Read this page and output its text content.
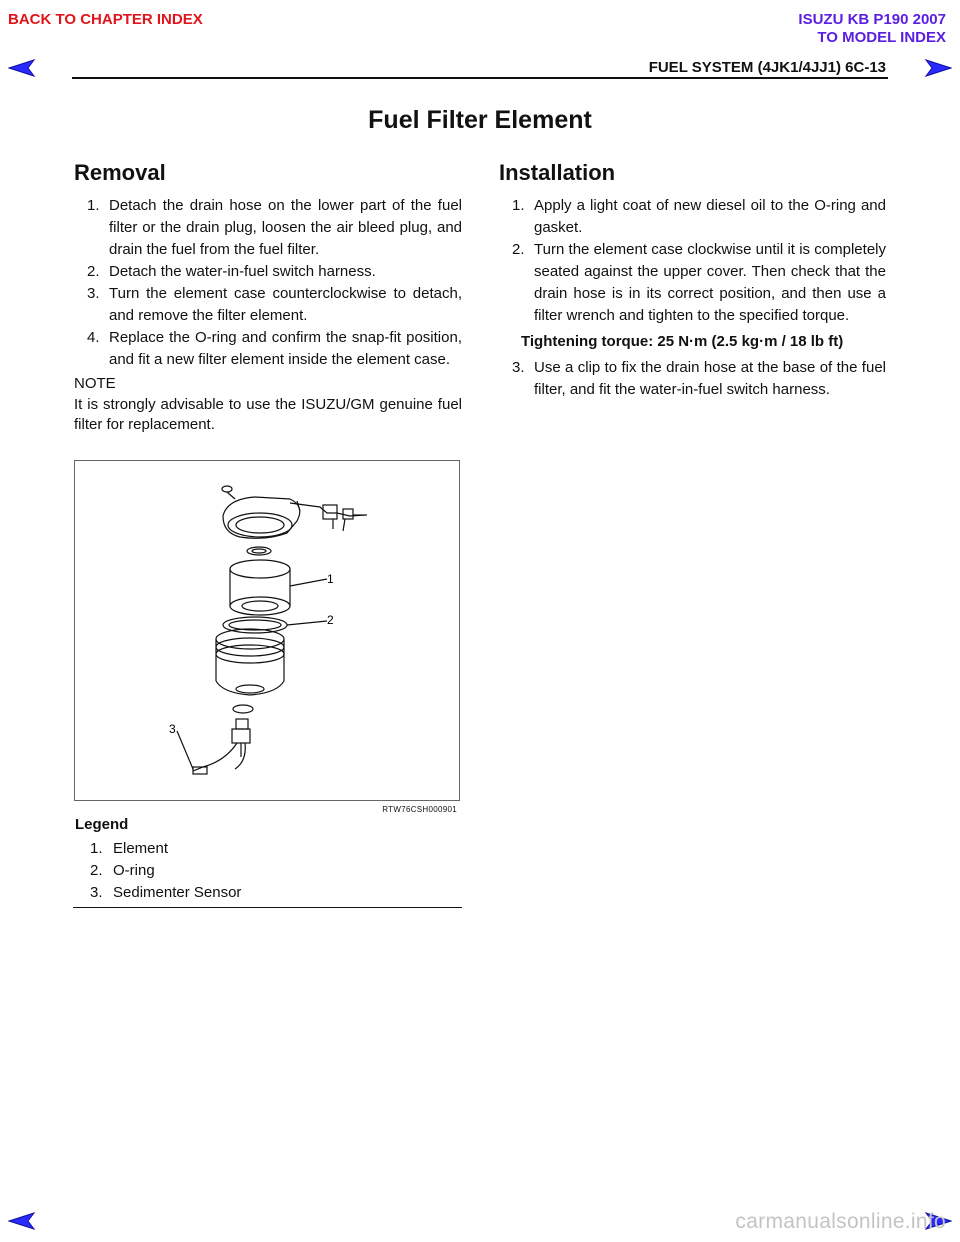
BACK TO CHAPTER INDEX	ISUZU KB P190 2007
TO MODEL INDEX
FUEL SYSTEM (4JK1/4JJ1) 6C-13
Fuel Filter Element
Removal
1. Detach the drain hose on the lower part of the fuel filter or the drain plug, loosen the air bleed plug, and drain the fuel from the fuel filter.
2. Detach the water-in-fuel switch harness.
3. Turn the element case counterclockwise to detach, and remove the filter element.
4. Replace the O-ring and confirm the snap-fit position, and fit a new filter element inside the element case.
NOTE
It is strongly advisable to use the ISUZU/GM genuine fuel filter for replacement.
1
2
3
RTW76CSH000901
Legend
1. Element
2. O-ring
3. Sedimenter Sensor
Installation
1. Apply a light coat of new diesel oil to the O-ring and gasket.
2. Turn the element case clockwise until it is completely seated against the upper cover. Then check that the drain hose is in its correct position, and then use a filter wrench and tighten to the specified torque.
Tightening torque: 25 N·m (2.5 kg·m / 18 lb ft)
3. Use a clip to fix the drain hose at the base of the fuel filter, and fit the water-in-fuel switch harness.
carmanualsonline.info
